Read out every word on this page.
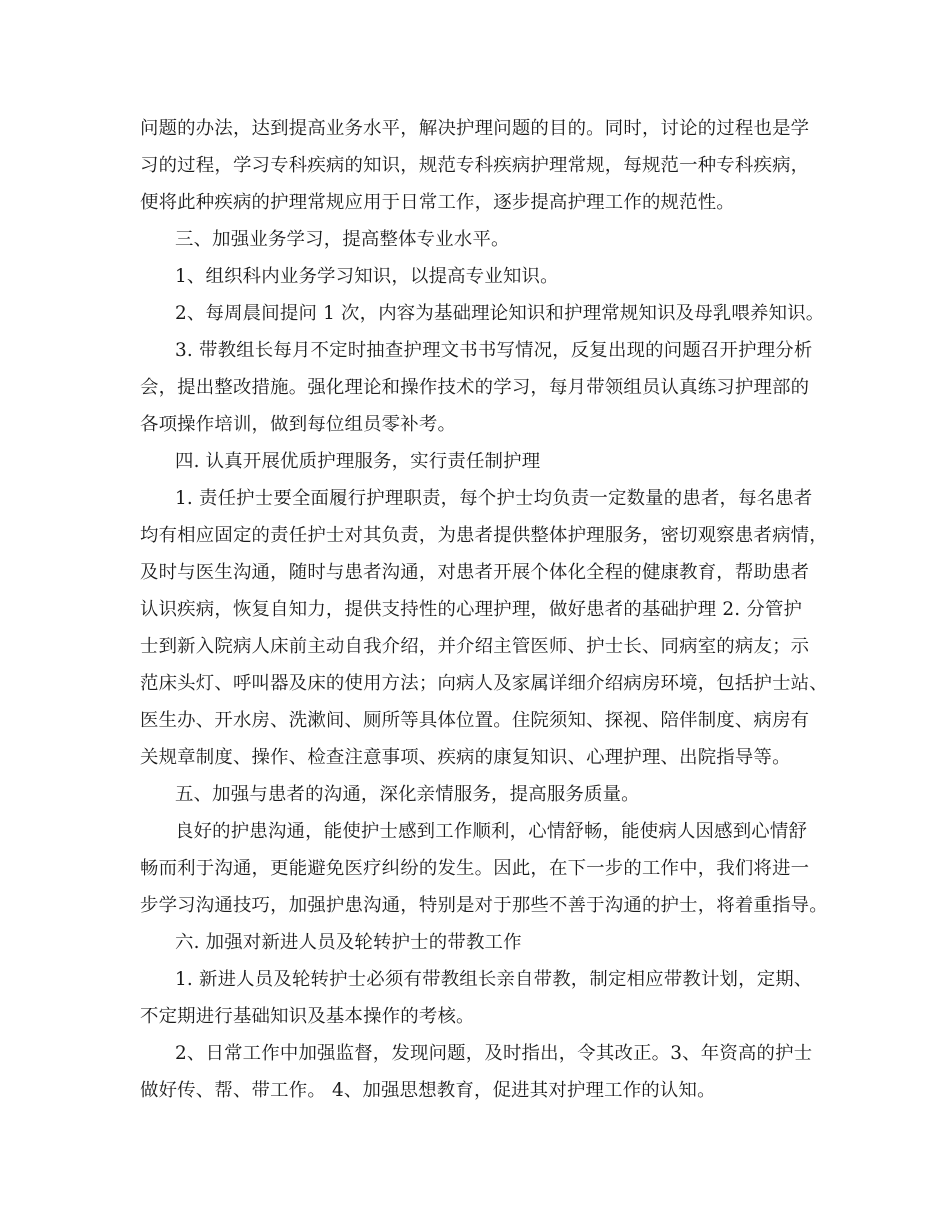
问题的办法，达到提高业务水平，解决护理问题的目的。同时，讨论的过程也是学
习的过程，学习专科疾病的知识，规范专科疾病护理常规，每规范一种专科疾病，
便将此种疾病的护理常规应用于日常工作，逐步提高护理工作的规范性。
三、加强业务学习，提高整体专业水平。
1、组织科内业务学习知识，以提高专业知识。
2、每周晨间提问 1 次，内容为基础理论知识和护理常规知识及母乳喂养知识。
3. 带教组长每月不定时抽查护理文书书写情况，反复出现的问题召开护理分析
会，提出整改措施。强化理论和操作技术的学习，每月带领组员认真练习护理部的
各项操作培训，做到每位组员零补考。
四. 认真开展优质护理服务，实行责任制护理
1. 责任护士要全面履行护理职责，每个护士均负责一定数量的患者，每名患者
均有相应固定的责任护士对其负责，为患者提供整体护理服务，密切观察患者病情，
及时与医生沟通，随时与患者沟通，对患者开展个体化全程的健康教育，帮助患者
认识疾病，恢复自知力，提供支持性的心理护理，做好患者的基础护理 2. 分管护
士到新入院病人床前主动自我介绍，并介绍主管医师、护士长、同病室的病友；示
范床头灯、呼叫器及床的使用方法；向病人及家属详细介绍病房环境，包括护士站、
医生办、开水房、洗漱间、厕所等具体位置。住院须知、探视、陪伴制度、病房有
关规章制度、操作、检查注意事项、疾病的康复知识、心理护理、出院指导等。
五、加强与患者的沟通，深化亲情服务，提高服务质量。
良好的护患沟通，能使护士感到工作顺利，心情舒畅，能使病人因感到心情舒
畅而利于沟通，更能避免医疗纠纷的发生。因此，在下一步的工作中，我们将进一
步学习沟通技巧，加强护患沟通，特别是对于那些不善于沟通的护士，将着重指导。
六. 加强对新进人员及轮转护士的带教工作
1. 新进人员及轮转护士必须有带教组长亲自带教，制定相应带教计划，定期、
不定期进行基础知识及基本操作的考核。
2、日常工作中加强监督，发现问题，及时指出，令其改正。3、年资高的护士
做好传、帮、带工作。 4、加强思想教育，促进其对护理工作的认知。
